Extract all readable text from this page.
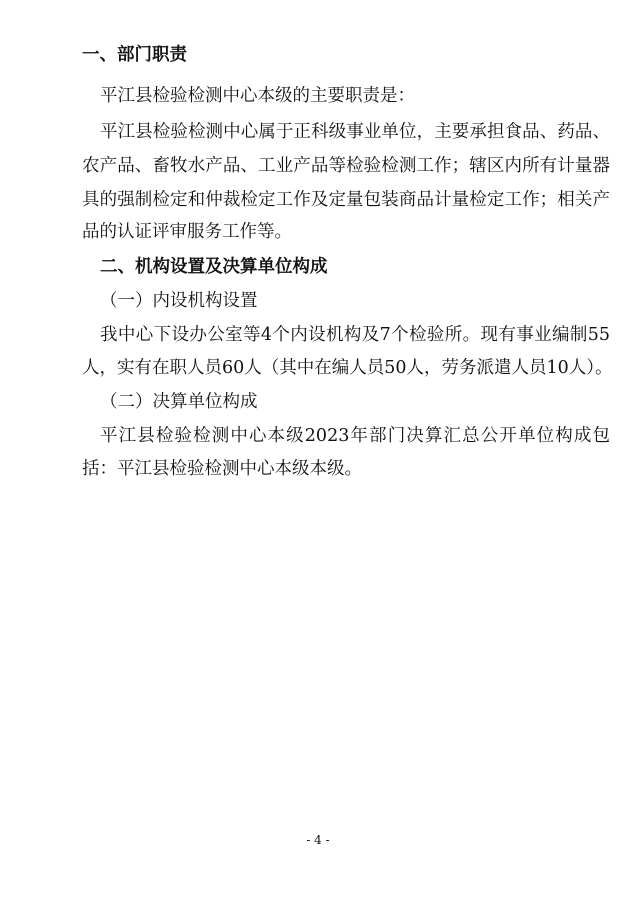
一、部门职责
平江县检验检测中心本级的主要职责是：
平江县检验检测中心属于正科级事业单位，主要承担食品、药品、
农产品、畜牧水产品、工业产品等检验检测工作；辖区内所有计量器
具的强制检定和仲裁检定工作及定量包装商品计量检定工作；相关产
品的认证评审服务工作等。
二、机构设置及决算单位构成
（一）内设机构设置
我中心下设办公室等4个内设机构及7个检验所。现有事业编制55
人，实有在职人员60人（其中在编人员50人，劳务派遣人员10人）。
（二）决算单位构成
平江县检验检测中心本级2023年部门决算汇总公开单位构成包
括：平江县检验检测中心本级本级。
- 4 -
